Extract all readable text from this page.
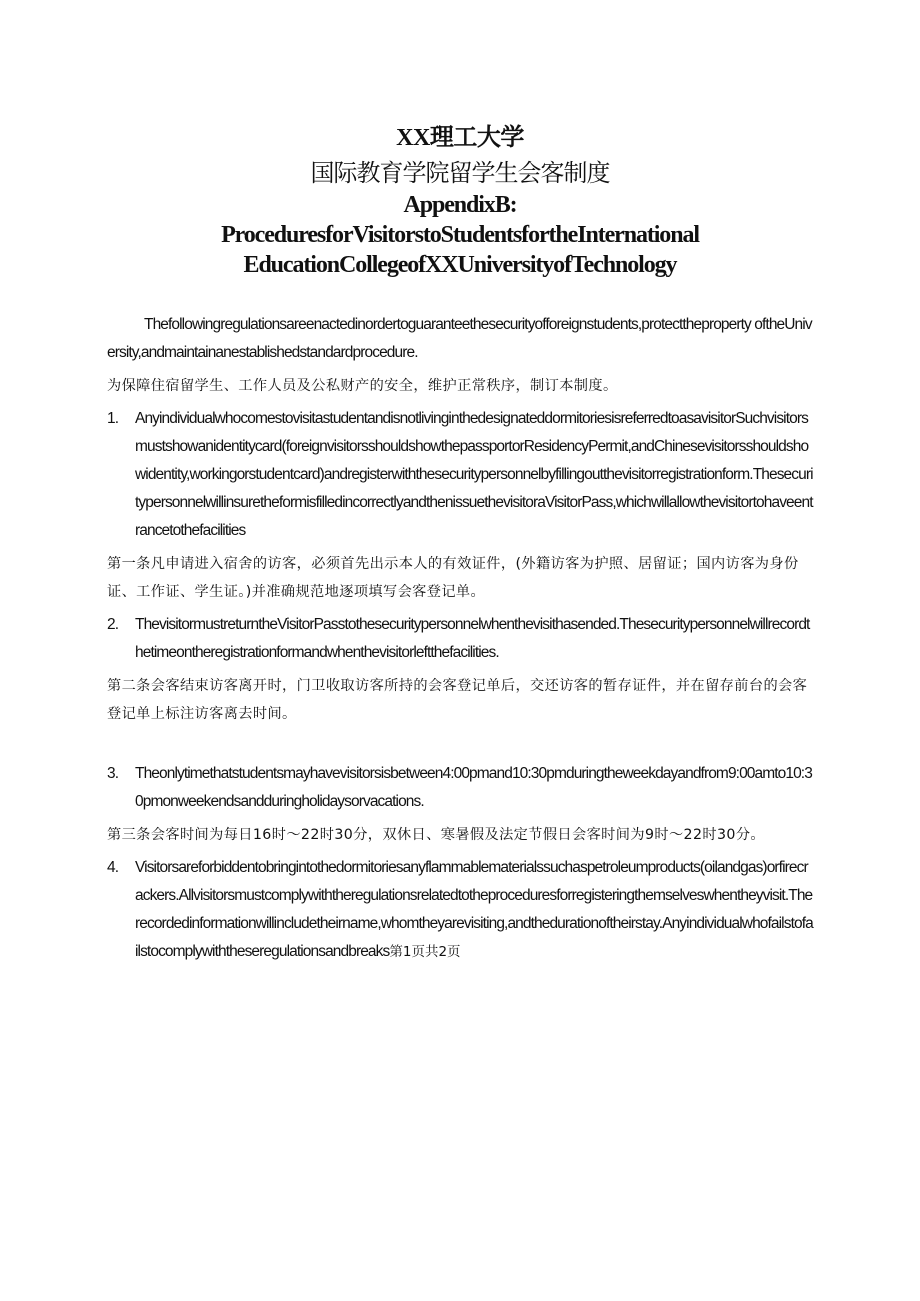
XX理工大学
国际教育学院留学生会客制度
AppendixB:
ProceduresforVisitorstoStudentsfortheInternational
EducationCollegeofXXUniversityofTechnology

Thefollowingregulationsareenactedinordertoguaranteethesecurityofforeignstudents,protecttheproperty oftheUniversity,andmaintainanestablishedstandardprocedure.

为保障住宿留学生、工作人员及公私财产的安全，维护正常秩序，制订本制度。

1.	AnyindividualwhocomestovisitastudentandisnotlivinginthedesignateddormitoriesisreferredtoasavisitorSuchvisitorsmustshowanidentitycard(foreignvisitorsshouldshowthepassportorResidencyPermit,andChinesevisitorsshouldshowidentity,workingorstudentcard)andregisterwiththesecuritypersonnelbyfillingoutthevisitorregistrationform.ThesecuritypersonnelwillinsuretheformisfilledincorrectlyandthenissuethevisitoraVisitorPass,whichwillallowthevisitortohaveentrancetothefacilities

第一条凡申请进入宿舍的访客，必须首先出示本人的有效证件，(外籍访客为护照、居留证；国内访客为身份证、工作证、学生证。)并准确规范地逐项填写会客登记单。

2.	ThevisitormustreturntheVisitorPasstothesecuritypersonnelwhenthevisithasended.Thesecuritypersonnelwillrecordthetimeontheregistrationformandwhenthevisitorleftthefacilities.

第二条会客结束访客离开时，门卫收取访客所持的会客登记单后，交还访客的暂存证件，并在留存前台的会客登记单上标注访客离去时间。

3.	Theonlytimethatstudentsmayhavevisitorsisbetween4:00pmand10:30pmduringtheweekdayandfrom9:00amto10:30pmonweekendsandduringholidaysorvacations.

第三条会客时间为每日16时～22时30分，双休日、寒暑假及法定节假日会客时间为9时～22时30分。

4.	Visitorsareforbiddentobringintothedormitoriesanyflammablematerialssuchaspetroleumproducts(oilandgas)orfirecrackers.Allvisitorsmustcomplywiththeregulationsrelatedtotheproceduresforregisteringthemselveswhentheyvisit.Therecordedinformationwillincludetheirname,whomtheyarevisiting,andthedurationoftheirstay.Anyindividualwhofailstofailstocomplywiththeseregulationsandbreaks第1页共2页
